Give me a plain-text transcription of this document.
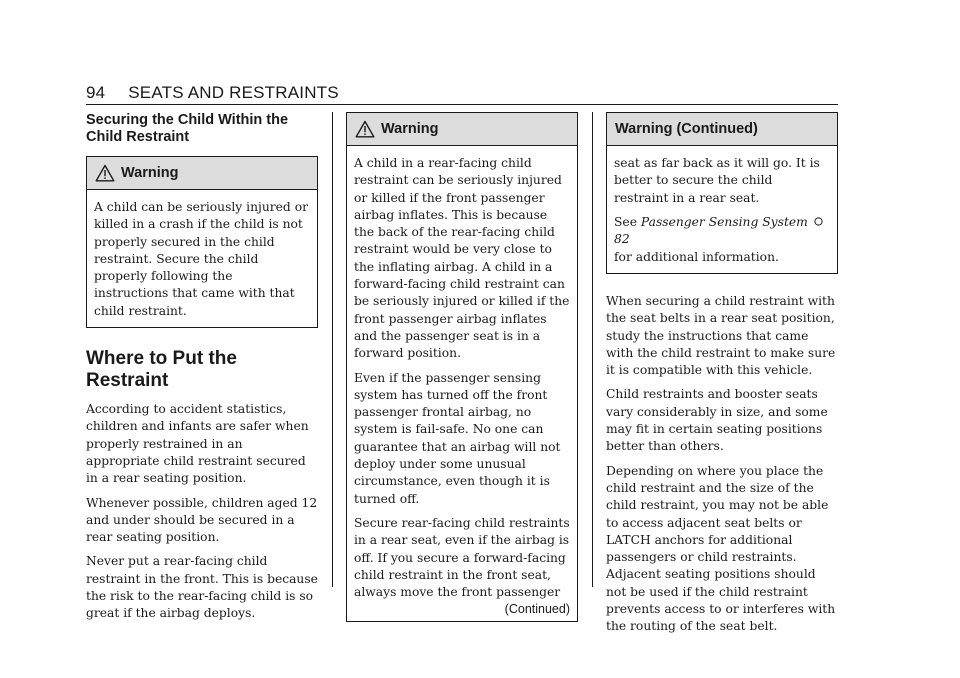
94 SEATS AND RESTRAINTS

Securing the Child Within the Child Restraint

Warning

A child can be seriously injured or killed in a crash if the child is not properly secured in the child restraint. Secure the child properly following the instructions that came with that child restraint.

Where to Put the Restraint

According to accident statistics, children and infants are safer when properly restrained in an appropriate child restraint secured in a rear seating position.

Whenever possible, children aged 12 and under should be secured in a rear seating position.

Never put a rear-facing child restraint in the front. This is because the risk to the rear-facing child is so great if the airbag deploys.

Warning

A child in a rear-facing child restraint can be seriously injured or killed if the front passenger airbag inflates. This is because the back of the rear-facing child restraint would be very close to the inflating airbag. A child in a forward-facing child restraint can be seriously injured or killed if the front passenger airbag inflates and the passenger seat is in a forward position.

Even if the passenger sensing system has turned off the front passenger frontal airbag, no system is fail-safe. No one can guarantee that an airbag will not deploy under some unusual circumstance, even though it is turned off.

Secure rear-facing child restraints in a rear seat, even if the airbag is off. If you secure a forward-facing child restraint in the front seat, always move the front passenger

(Continued)
Warning (Continued)

seat as far back as it will go. It is better to secure the child restraint in a rear seat.

See Passenger Sensing System 82
for additional information.

When securing a child restraint with the seat belts in a rear seat position, study the instructions that came with the child restraint to make sure it is compatible with this vehicle.

Child restraints and booster seats vary considerably in size, and some may fit in certain seating positions better than others.

Depending on where you place the child restraint and the size of the child restraint, you may not be able to access adjacent seat belts or LATCH anchors for additional passengers or child restraints. Adjacent seating positions should not be used if the child restraint prevents access to or interferes with the routing of the seat belt.
